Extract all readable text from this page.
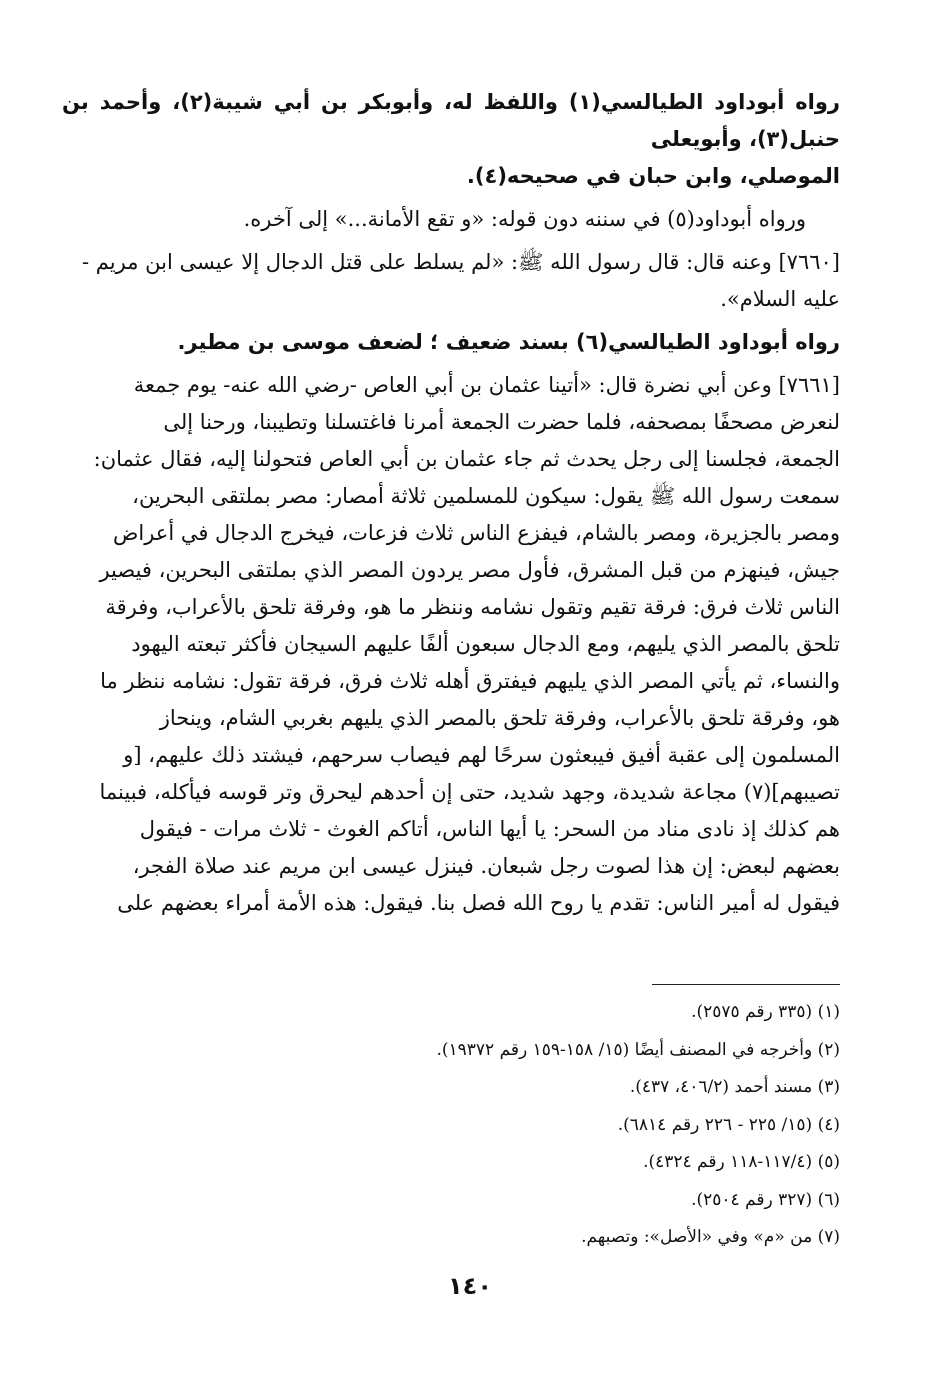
رواه أبوداود الطيالسي(١) واللفظ له، وأبوبكر بن أبي شيبة(٢)، وأحمد بن حنبل(٣)، وأبويعلى

الموصلي، وابن حبان في صحيحه(٤).

ورواه أبوداود(٥) في سننه دون قوله: «و تقع الأمانة...» إلى آخره.

[٧٦٦٠] وعنه قال: قال رسول الله ﷺ: «لم يسلط على قتل الدجال إلا عيسى ابن مريم -

عليه السلام».

رواه أبوداود الطيالسي(٦) بسند ضعيف ؛ لضعف موسى بن مطير.

[٧٦٦١] وعن أبي نضرة قال: «أتينا عثمان بن أبي العاص -رضي الله عنه- يوم جمعة

لنعرض مصحفًا بمصحفه، فلما حضرت الجمعة أمرنا فاغتسلنا وتطيبنا، ورحنا إلى

الجمعة، فجلسنا إلى رجل يحدث ثم جاء عثمان بن أبي العاص فتحولنا إليه، فقال عثمان:

سمعت رسول الله ﷺ يقول: سيكون للمسلمين ثلاثة أمصار: مصر بملتقى البحرين،

ومصر بالجزيرة، ومصر بالشام، فيفزع الناس ثلاث فزعات، فيخرج الدجال في أعراض

جيش، فينهزم من قبل المشرق، فأول مصر يردون المصر الذي بملتقى البحرين، فيصير

الناس ثلاث فرق: فرقة تقيم وتقول نشامه وننظر ما هو، وفرقة تلحق بالأعراب، وفرقة

تلحق بالمصر الذي يليهم، ومع الدجال سبعون ألفًا عليهم السيجان فأكثر تبعته اليهود

والنساء، ثم يأتي المصر الذي يليهم فيفترق أهله ثلاث فرق، فرقة تقول: نشامه ننظر ما

هو، وفرقة تلحق بالأعراب، وفرقة تلحق بالمصر الذي يليهم بغربي الشام، وينحاز

المسلمون إلى عقبة أفيق فيبعثون سرحًا لهم فيصاب سرحهم، فيشتد ذلك عليهم، [و

تصيبهم](٧) مجاعة شديدة، وجهد شديد، حتى إن أحدهم ليحرق وتر قوسه فيأكله، فبينما

هم كذلك إذ نادى مناد من السحر: يا أيها الناس، أتاكم الغوث - ثلاث مرات - فيقول

بعضهم لبعض: إن هذا لصوت رجل شبعان. فينزل عيسى ابن مريم عند صلاة الفجر،

فيقول له أمير الناس: تقدم يا روح الله فصل بنا. فيقول: هذه الأمة أمراء بعضهم على

(١) (٣٣٥ رقم ٢٥٧٥).

(٢) وأخرجه في المصنف أيضًا (١٥/ ١٥٨-١٥٩ رقم ١٩٣٧٢).

(٣) مسند أحمد (٤٠٦/٢، ٤٣٧).

(٤) (١٥/ ٢٢٥ - ٢٢٦ رقم ٦٨١٤).

(٥) (١١٧/٤-١١٨ رقم ٤٣٢٤).

(٦) (٣٢٧ رقم ٢٥٠٤).

(٧) من «م» وفي «الأصل»: وتصبهم.

١٤٠
